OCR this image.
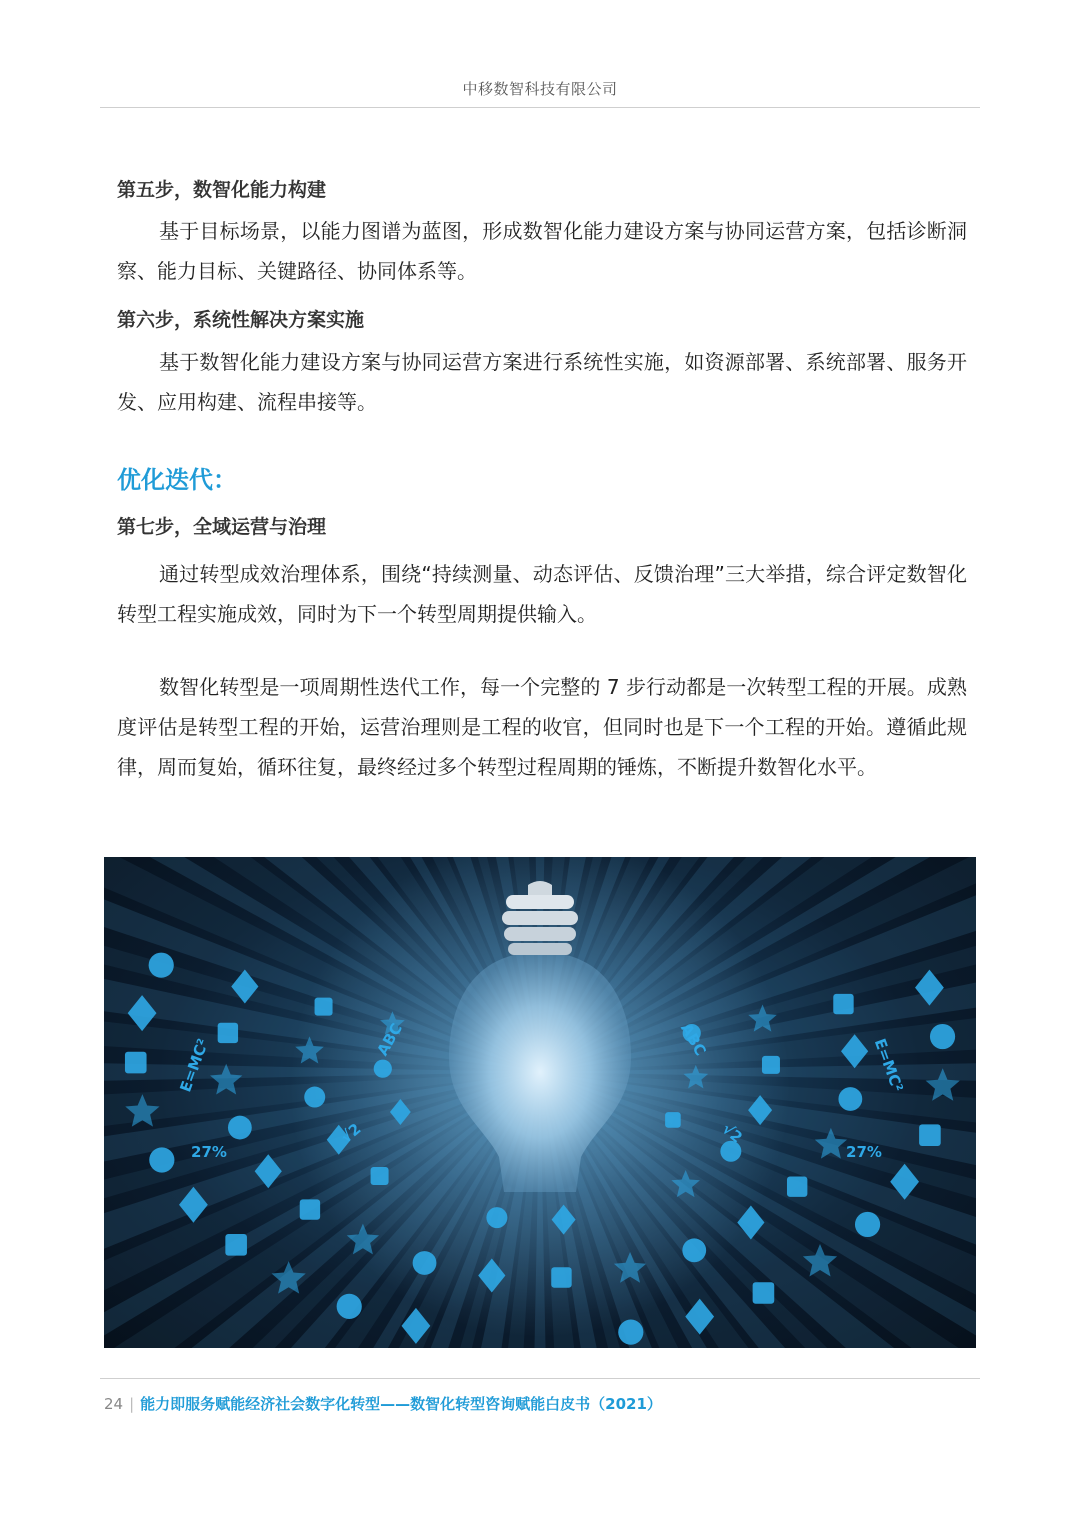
中移数智科技有限公司
第五步，数智化能力构建
基于目标场景，以能力图谱为蓝图，形成数智化能力建设方案与协同运营方案，包括诊断洞察、能力目标、关键路径、协同体系等。
第六步，系统性解决方案实施
基于数智化能力建设方案与协同运营方案进行系统性实施，如资源部署、系统部署、服务开发、应用构建、流程串接等。
优化迭代：
第七步，全域运营与治理
通过转型成效治理体系，围绕“持续测量、动态评估、反馈治理”三大举措，综合评定数智化转型工程实施成效，同时为下一个转型周期提供输入。
数智化转型是一项周期性迭代工作，每一个完整的 7 步行动都是一次转型工程的开展。成熟度评估是转型工程的开始，运营治理则是工程的收官，但同时也是下一个工程的开始。遵循此规律，周而复始，循环往复，最终经过多个转型过程周期的锤炼，不断提升数智化水平。
ABC	ABC
E=MC²	E=MC²
√2	√2
27%	27%
24 | 能力即服务赋能经济社会数字化转型——数智化转型咨询赋能白皮书（2021）
